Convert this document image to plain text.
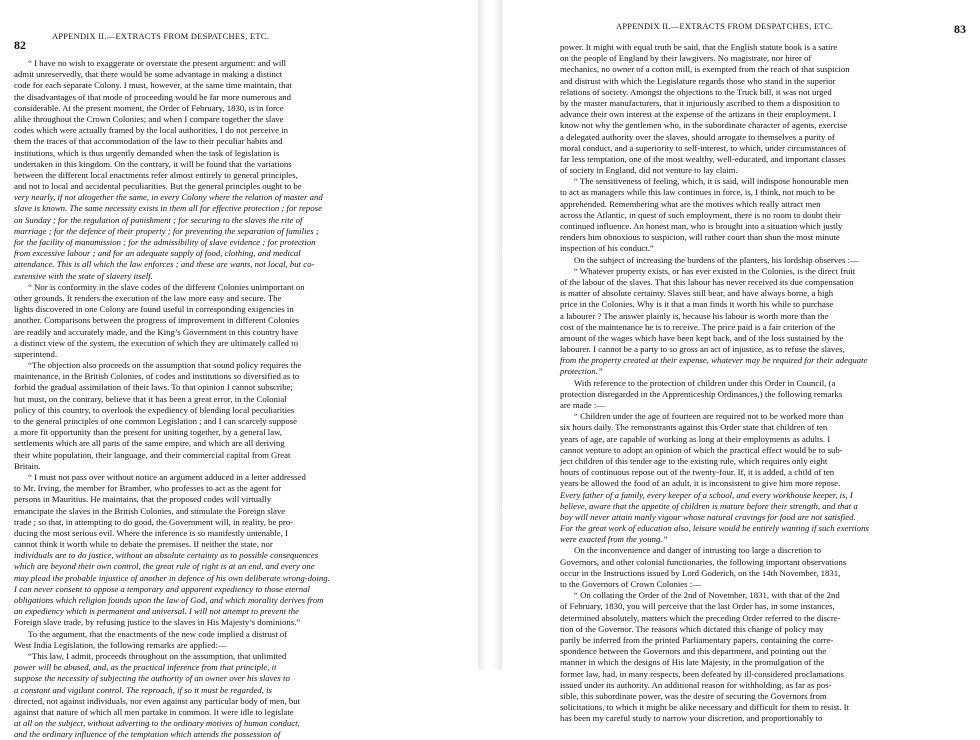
82
APPENDIX II.—EXTRACTS FROM DESPATCHES, ETC.
“ I have no wish to exaggerate or overstate the present argument: and will
admit unreservedly, that there would be some advantage in making a distinct
code for each separate Colony. I must, however, at the same time maintain, that
the disadvantages of that mode of proceeding would be far more numerous and
considerable. At the present moment, the Order of February, 1830, is in force
alike throughout the Crown Colonies; and when I compare together the slave
codes which were actually framed by the local authorities, I do not perceive in
them the traces of that accommodation of the law to their peculiar habits and
institutions, which is thus urgently demanded when the task of legislation is
undertaken in this kingdom. On the contrary, it will be found that the variations
between the different local enactments refer almost entirely to general principles,
and not to local and accidental peculiarities. But the general principles ought to be
very nearly, if not altogether the same, in every Colony where the relation of master and
slave is known. The same necessity exists in them all for effective protection ; for repose
on Sunday ; for the regulation of punishment ; for securing to the slaves the rite of
marriage ; for the defence of their property ; for preventing the separation of families ;
for the facility of manumission ; for the admissibility of slave evidence ; for protection
from excessive labour ; and for an adequate supply of food, clothing, and medical
attendance. This is all which the law enforces ; and these are wants, not local, but co-
extensive with the state of slavery itself.
“ Nor is conformity in the slave codes of the different Colonies unimportant on
other grounds. It renders the execution of the law more easy and secure. The
lights discovered in one Colony are found useful in corresponding exigencies in
another. Comparisons between the progress of improvement in different Colonies
are readily and accurately made, and the King’s Government in this country have
a distinct view of the system, the execution of which they are ultimately called to
superintend.
“The objection also proceeds on the assumption that sound policy requires the
maintenance, in the British Colonies, of codes and institutions so diversified as to
forbid the gradual assimilation of their laws. To that opinion I cannot subscribe;
but must, on the contrary, believe that it has been a great error, in the Colonial
policy of this country, to overlook the expediency of blending local peculiarities
to the general principles of one common Legislation ; and I can scarcely suppose
a more fit opportunity than the present for uniting together, by a general law,
settlements which are all parts of the same empire, and which are all deriving
their white population, their language, and their commercial capital from Great
Britain.
“ I must not pass over without notice an argument adduced in a letter addressed
to Mr. Irving, the member for Bramber, who professes to act as the agent for
persons in Mauritius. He maintains, that the proposed codes will virtually
emancipate the slaves in the British Colonies, and stimulate the Foreign slave
trade ; so that, in attempting to do good, the Government will, in reality, be pro-
ducing the most serious evil. Where the inference is so manifestly untenable, I
cannot think it worth while to debate the premises. If neither the state, nor
individuals are to do justice, without an absolute certainty as to possible consequences
which are beyond their own control, the great rule of right is at an end, and every one
may plead the probable injustice of another in defence of his own deliberate wrong-doing.
I can never consent to oppose a temporary and apparent expediency to those eternal
obligations which religion founds upon the law of God, and which morality derives from
an expediency which is permanent and universal. I will not attempt to prevent the
Foreign slave trade, by refusing justice to the slaves in His Majesty’s dominions.”
To the argument, that the enactments of the new code implied a distrust of
West India Legislation, the following remarks are applied:—
“This law, I admit, proceeds throughout on the assumption, that unlimited
power will be abused, and, as the practical inference from that principle, it
suppose the necessity of subjecting the authority of an owner over his slaves to
a constant and vigilant control. The reproach, if so it must be regarded, is
directed, not against individuals, nor even against any particular body of men, but
against that nature of which all men partake in common. It were idle to legislate
at all on the subject, without adverting to the ordinary motives of human conduct,
and the ordinary influence of the temptation which attends the possession of
APPENDIX II.—EXTRACTS FROM DESPATCHES, ETC.	83
power. It might with equal truth be said, that the English statute book is a satire
on the people of England by their lawgivers. No magistrate, nor hirer of
mechanics, no owner of a cotton mill, is exempted from the reach of that suspicion
and distrust with which the Legislature regards those who stand in the superior
relations of society. Amongst the objections to the Truck bill, it was not urged
by the master manufacturers, that it injuriously ascribed to them a disposition to
advance their own interest at the expense of the artizans in their employment. I
know not why the gentlemen who, in the subordinate character of agents, exercise
a delegated authority over the slaves, should arrogate to themselves a purity of
moral conduct, and a superiority to self-interest, to which, under circumstances of
far less temptation, one of the most wealthy, well-educated, and important classes
of society in England, did not venture to lay claim.
“ The sensitiveness of feeling, which, it is said, will indispose honourable men
to act as managers while this law continues in force, is, I think, not much to be
apprehended. Remembering what are the motives which really attract men
across the Atlantic, in quest of such employment, there is no room to doubt their
continued influence. An honest man, who is brought into a situation which justly
renders him obnoxious to suspicion, will rather court than shun the most minute
inspection of his conduct.”
On the subject of increasing the burdens of the planters, his lordship observes :—
“ Whatever property exists, or has ever existed in the Colonies, is the direct fruit
of the labour of the slaves. That this labour has never received its due compensation
is matter of absolute certainty. Slaves still bear, and have always borne, a high
price in the Colonies. Why is it that a man finds it worth his while to purchase
a labourer ? The answer plainly is, because his labour is worth more than the
cost of the maintenance he is to receive. The price paid is a fair criterion of the
amount of the wages which have been kept back, and of the loss sustained by the
labourer. I cannot be a party to so gross an act of injustice, as to refuse the slaves,
from the property created at their expense, whatever may be required for their adequate
protection.”
With reference to the protection of children under this Order in Council, (a
protection disregarded in the Apprenticeship Ordinances,) the following remarks
are made :—
“ Children under the age of fourteen are required not to be worked more than
six hours daily. The remonstrants against this Order state that children of ten
years of age, are capable of working as long at their employments as adults. I
cannot venture to adopt an opinion of which the practical effect would be to sub-
ject children of this tender age to the existing rule, which requires only eight
hours of continuous repose out of the twenty-four. If, it is added, a child of ten
years be allowed the food of an adult, it is inconsistent to give him more repose.
Every father of a family, every keeper of a school, and every workhouse keeper, is, I
believe, aware that the appetite of children is mature before their strength, and that a
boy will never attain manly vigour whose natural cravings for food are not satisfied.
For the great work of education also, leisure would be entirely wanting if such exertions
were exacted from the young.”
On the inconvenience and danger of intrusting too large a discretion to
Governors, and other colonial functionaries, the following important observations
occur in the Instructions issued by Lord Goderich, on the 14th November, 1831,
to the Governors of Crown Colonies :—
“ On collating the Order of the 2nd of November, 1831, with that of the 2nd
of February, 1830, you will perceive that the last Order has, in some instances,
determined absolutely, matters which the preceding Order referred to the discre-
tion of the Governor. The reasons which dictated this change of policy may
partly be inferred from the printed Parliamentary papers, containing the corre-
spondence between the Governors and this department, and pointing out the
manner in which the designs of His late Majesty, in the promulgation of the
former law, had, in many respects, been defeated by ill-considered proclamations
issued under its authority. An additional reason for withholding, as far as pos-
sible, this subordinate power, was the desire of securing the Governors from
solicitations, to which it might be alike necessary and difficult for them to resist. It
has been my careful study to narrow your discretion, and proportionably to
